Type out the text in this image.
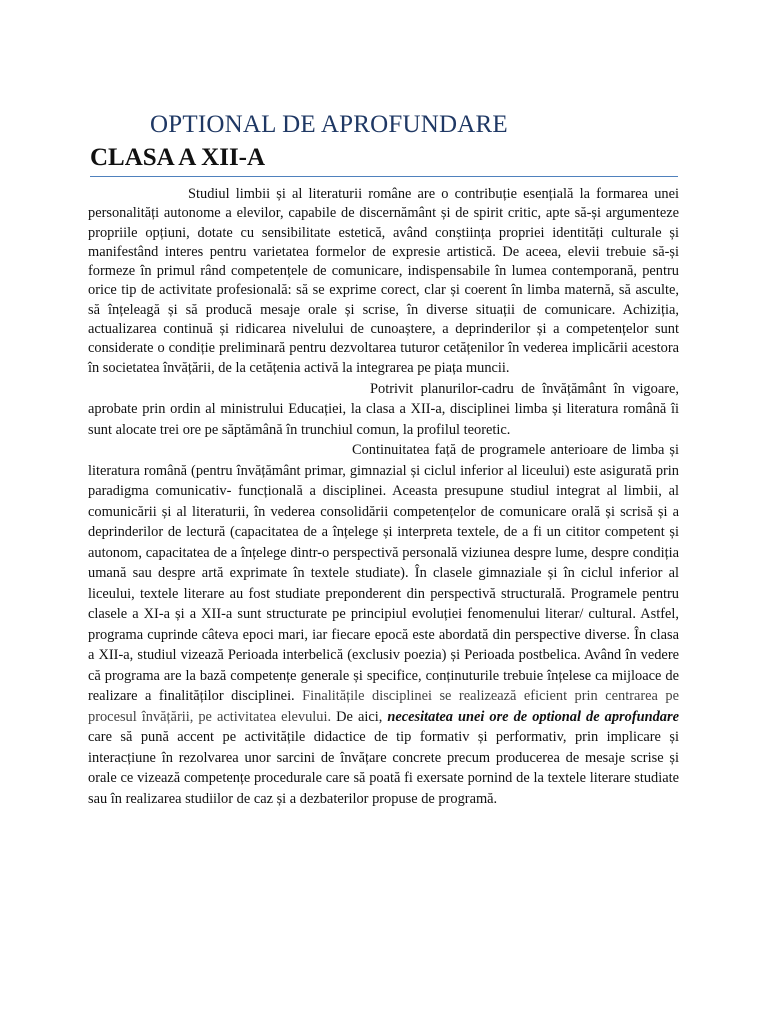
OPTIONAL DE APROFUNDARE
CLASA A XII-A

Studiul limbii și al literaturii române are o contribuție esențială la formarea unei personalități autonome a elevilor, capabile de discernământ și de spirit critic, apte să-și argumenteze propriile opțiuni, dotate cu sensibilitate estetică, având conștiința propriei identități culturale și manifestând interes pentru varietatea formelor de expresie artistică. De aceea, elevii trebuie să-și formeze în primul rând competențele de comunicare, indispensabile în lumea contemporană, pentru orice tip de activitate profesională: să se exprime corect, clar și coerent în limba maternă, să asculte, să înțeleagă și să producă mesaje orale și scrise, în diverse situații de comunicare. Achiziția, actualizarea continuă și ridicarea nivelului de cunoaștere, a deprinderilor și a competențelor sunt considerate o condiție preliminară pentru dezvoltarea tuturor cetățenilor în vederea implicării acestora în societatea învățării, de la cetățenia activă la integrarea pe piața muncii.

Potrivit planurilor-cadru de învățământ în vigoare, aprobate prin ordin al ministrului Educației, la clasa a XII-a, disciplinei limba și literatura română îi sunt alocate trei ore pe săptămână în trunchiul comun, la profilul teoretic.

Continuitatea față de programele anterioare de limba și literatura română (pentru învățământ primar, gimnazial și ciclul inferior al liceului) este asigurată prin paradigma comunicativ- funcțională a disciplinei. Aceasta presupune studiul integrat al limbii, al comunicării și al literaturii, în vederea consolidării competențelor de comunicare orală și scrisă și a deprinderilor de lectură (capacitatea de a înțelege și interpreta textele, de a fi un cititor competent și autonom, capacitatea de a înțelege dintr-o perspectivă personală viziunea despre lume, despre condiția umană sau despre artă exprimate în textele studiate). În clasele gimnaziale și în ciclul inferior al liceului, textele literare au fost studiate preponderent din perspectivă structurală. Programele pentru clasele a XI-a și a XII-a sunt structurate pe principiul evoluției fenomenului literar/ cultural. Astfel, programa cuprinde câteva epoci mari, iar fiecare epocă este abordată din perspective diverse. În clasa a XII-a, studiul vizează Perioada interbelică (exclusiv poezia) și Perioada postbelica. Având în vedere că programa are la bază competențe generale și specifice, conținuturile trebuie înțelese ca mijloace de realizare a finalităților disciplinei. Finalitățile disciplinei se realizează eficient prin centrarea pe procesul învățării, pe activitatea elevului. De aici, necesitatea unei ore de optional de aprofundare care să pună accent pe activitățile didactice de tip formativ și performativ, prin implicare și interacțiune în rezolvarea unor sarcini de învățare concrete precum producerea de mesaje scrise și orale ce vizează competențe procedurale care să poată fi exersate pornind de la textele literare studiate sau în realizarea studiilor de caz și a dezbaterilor propuse de programă.
